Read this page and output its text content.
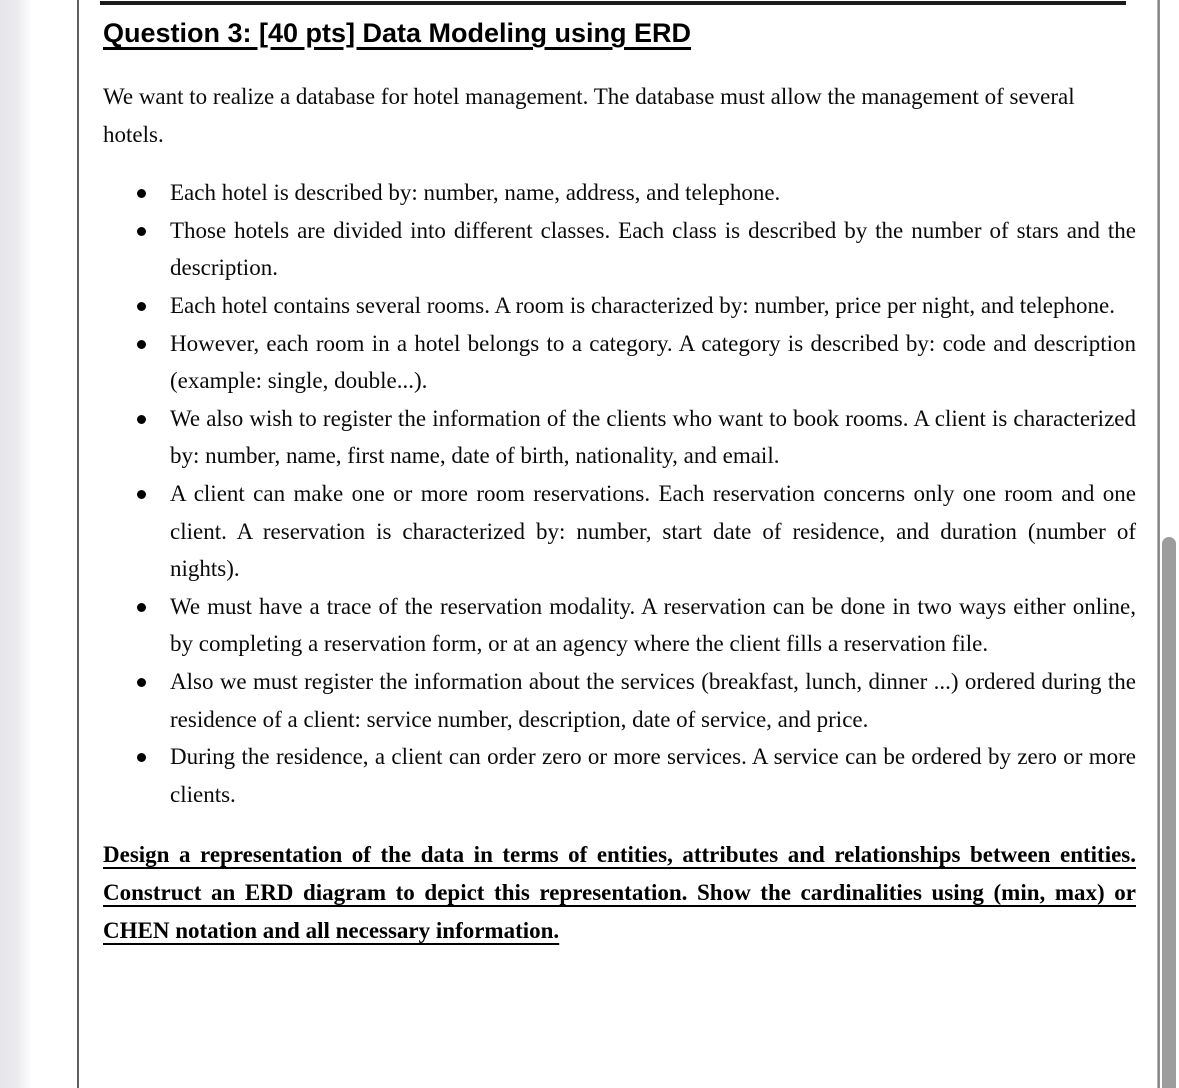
Question 3: [40 pts] Data Modeling using ERD

We want to realize a database for hotel management. The database must allow the management of several hotels.

Each hotel is described by: number, name, address, and telephone.
Those hotels are divided into different classes. Each class is described by the number of stars and the description.
Each hotel contains several rooms. A room is characterized by: number, price per night, and telephone.
However, each room in a hotel belongs to a category. A category is described by: code and description (example: single, double...).
We also wish to register the information of the clients who want to book rooms. A client is characterized by: number, name, first name, date of birth, nationality, and email.
A client can make one or more room reservations. Each reservation concerns only one room and one client. A reservation is characterized by: number, start date of residence, and duration (number of nights).
We must have a trace of the reservation modality. A reservation can be done in two ways either online, by completing a reservation form, or at an agency where the client fills a reservation file.
Also we must register the information about the services (breakfast, lunch, dinner ...) ordered during the residence of a client: service number, description, date of service, and price.
During the residence, a client can order zero or more services. A service can be ordered by zero or more clients.

Design a representation of the data in terms of entities, attributes and relationships between entities. Construct an ERD diagram to depict this representation. Show the cardinalities using (min, max) or CHEN notation and all necessary information.
